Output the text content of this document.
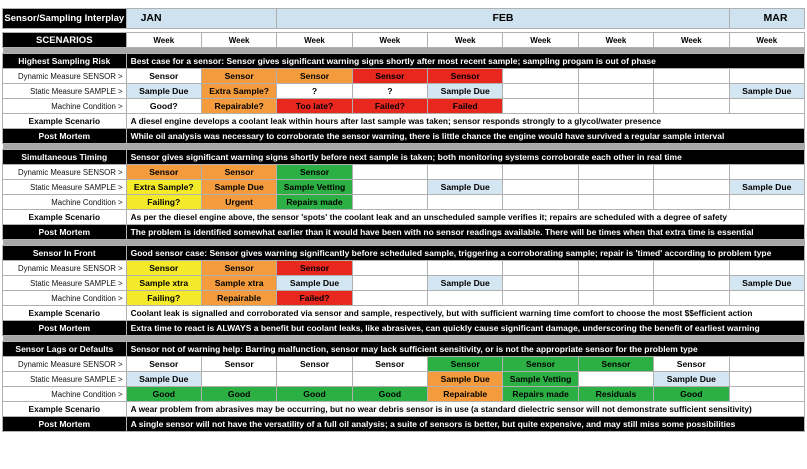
Sensor/Sampling Interplay	JAN		FEB						MAR

SCENARIOS	Week	Week	Week	Week	Week	Week	Week	Week	Week

Highest Sampling Risk	Best case for a sensor: Sensor gives significant warning signs shortly after most recent sample; sampling progam is out of phase								
Dynamic Measure SENSOR >	Sensor	Sensor	Sensor	Sensor	Sensor				
Static Measure SAMPLE >	Sample Due	Extra Sample?	?	?	Sample Due				Sample Due
Machine Condition >	Good?	Repairable?	Too late?	Failed?	Failed				
Example Scenario	A diesel engine develops a coolant leak within hours after last sample was taken; sensor responds strongly to a glycol/water presence								
Post Mortem	While oil analysis was necessary to corroborate the sensor warning, there is little chance the engine would have survived a regular sample interval								

Simultaneous Timing	Sensor gives significant warning signs shortly before next sample is taken; both monitoring systems corroborate each other in real time								
Dynamic Measure SENSOR >	Sensor	Sensor	Sensor						
Static Measure SAMPLE >	Extra Sample?	Sample Due	Sample Vetting		Sample Due				Sample Due
Machine Condition >	Failing?	Urgent	Repairs made						
Example Scenario	As per the diesel engine above, the sensor 'spots' the coolant leak and an unscheduled sample verifies it; repairs are scheduled with a degree of safety								
Post Mortem	The problem is identified somewhat earlier than it would have been with no sensor readings available. There will be times when that extra time is essential								

Sensor In Front	Good sensor case: Sensor gives warning significantly before scheduled sample, triggering a corroborating sample; repair is 'timed' according to problem type								
Dynamic Measure SENSOR >	Sensor	Sensor	Sensor						
Static Measure SAMPLE >	Sample xtra	Sample xtra	Sample Due		Sample Due				Sample Due
Machine Condition >	Failing?	Repairable	Failed?						
Example Scenario	Coolant leak is signalled and corroborated via sensor and sample, respectively, but with sufficient warning time comfort to choose the most $$efficient action								
Post Mortem	Extra time to react is ALWAYS a benefit but coolant leaks, like abrasives, can quickly cause significant damage, underscoring the benefit of earliest warning								

Sensor Lags or Defaults	Sensor not of warning help: Barring malfunction, sensor may lack sufficient sensitivity, or is not the appropriate sensor for the problem type								
Dynamic Measure SENSOR >	Sensor	Sensor	Sensor	Sensor	Sensor	Sensor	Sensor	Sensor	
Static Measure SAMPLE >	Sample Due				Sample Due	Sample Vetting		Sample Due	
Machine Condition >	Good	Good	Good	Good	Repairable	Repairs made	Residuals	Good	
Example Scenario	A wear problem from abrasives may be occurring, but no wear debris sensor is in use (a standard dielectric sensor will not demonstrate sufficient sensitivity)								
Post Mortem	A single sensor will not have the versatility of a full oil analysis; a suite of sensors is better, but quite expensive, and may still miss some possibilities								
